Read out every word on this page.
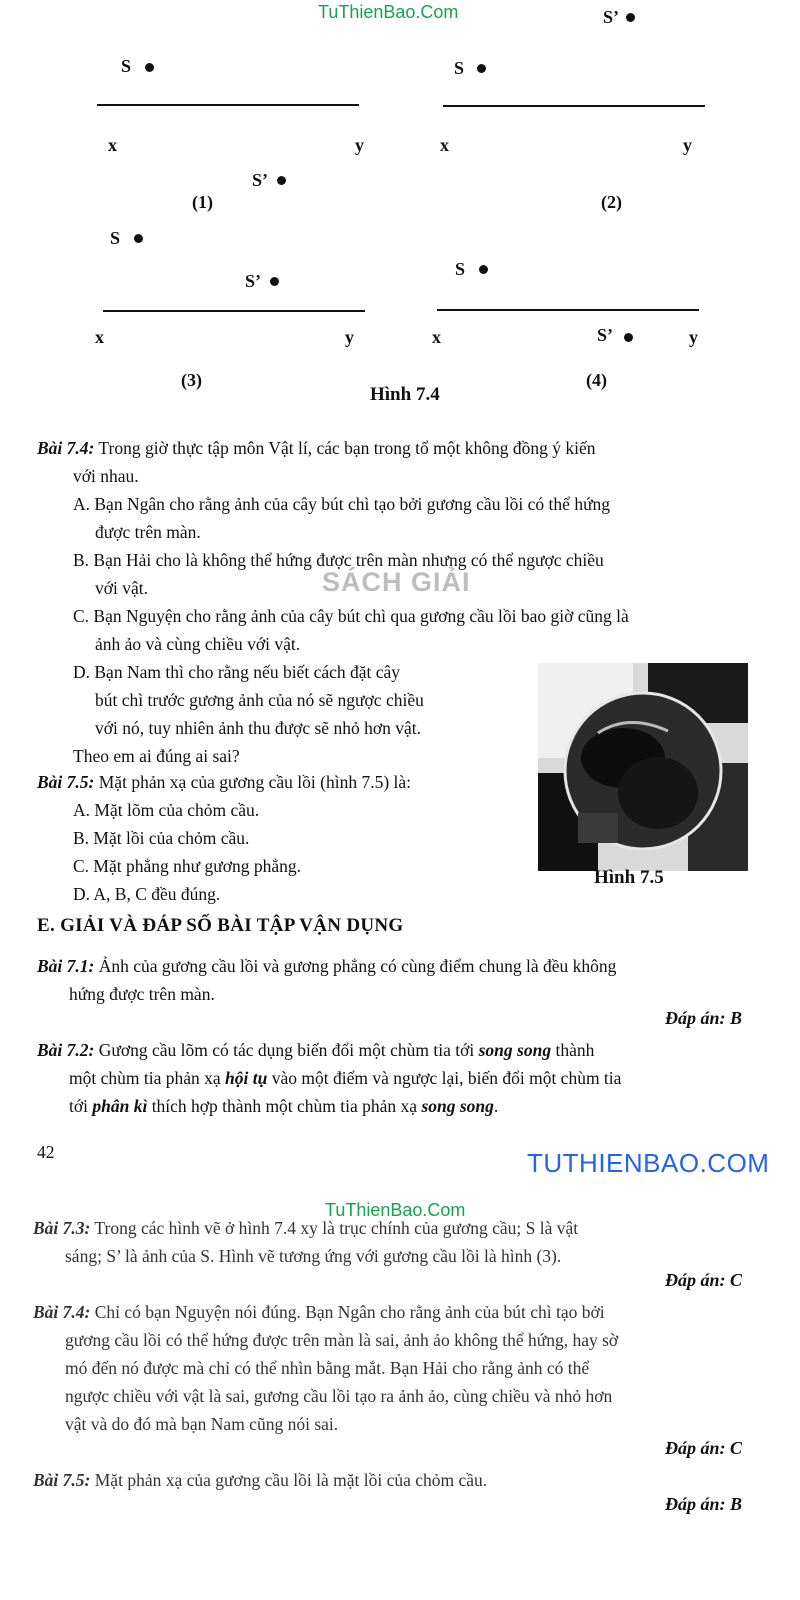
TuThienBao.Com
S
x	y
(1)
S’
S’
S
x	y
(2)
S
S’
x	y
(3)
S
x	S’	y
(4)
Hình 7.4
Bài 7.4: Trong giờ thực tập môn Vật lí, các bạn trong tổ một không đồng ý kiến
với nhau.
A. Bạn Ngân cho rằng ảnh của cây bút chì tạo bởi gương cầu lồi có thể hứng
được trên màn.
B. Bạn Hải cho là không thể hứng được trên màn nhưng có thể ngược chiều
với vật.
C. Bạn Nguyện cho rằng ảnh của cây bút chì qua gương cầu lồi bao giờ cũng là
ảnh ảo và cùng chiều với vật.
D. Bạn Nam thì cho rằng nếu biết cách đặt cây
bút chì trước gương ảnh của nó sẽ ngược chiều
với nó, tuy nhiên ảnh thu được sẽ nhỏ hơn vật.
Theo em ai đúng ai sai?
SÁCH GIẢI
Hình 7.5
Bài 7.5: Mặt phản xạ của gương cầu lồi (hình 7.5) là:
A. Mặt lõm của chỏm cầu.
B. Mặt lồi của chỏm cầu.
C. Mặt phẳng như gương phẳng.
D. A, B, C đều đúng.
E. GIẢI VÀ ĐÁP SỐ BÀI TẬP VẬN DỤNG
Bài 7.1: Ảnh của gương cầu lồi và gương phẳng có cùng điểm chung là đều không
hứng được trên màn.
Đáp án: B
Bài 7.2: Gương cầu lõm có tác dụng biến đổi một chùm tia tới song song thành
một chùm tia phản xạ hội tụ vào một điểm và ngược lại, biến đổi một chùm tia
tới phân kì thích hợp thành một chùm tia phản xạ song song.
42	TUTHIENBAO.COM
TuThienBao.Com
Bài 7.3: Trong các hình vẽ ở hình 7.4 xy là trục chính của gương cầu; S là vật
sáng; S’ là ảnh của S. Hình vẽ tương ứng với gương cầu lồi là hình (3).
Đáp án: C
Bài 7.4: Chỉ có bạn Nguyện nói đúng. Bạn Ngân cho rằng ảnh của bút chì tạo bởi
gương cầu lồi có thể hứng được trên màn là sai, ảnh ảo không thể hứng, hay sờ
mó đến nó được mà chỉ có thể nhìn bằng mắt. Bạn Hải cho rằng ảnh có thể
ngược chiều với vật là sai, gương cầu lồi tạo ra ảnh ảo, cùng chiều và nhỏ hơn
vật và do đó mà bạn Nam cũng nói sai.
Đáp án: C
Bài 7.5: Mặt phản xạ của gương cầu lồi là mặt lồi của chỏm cầu.
Đáp án: B
